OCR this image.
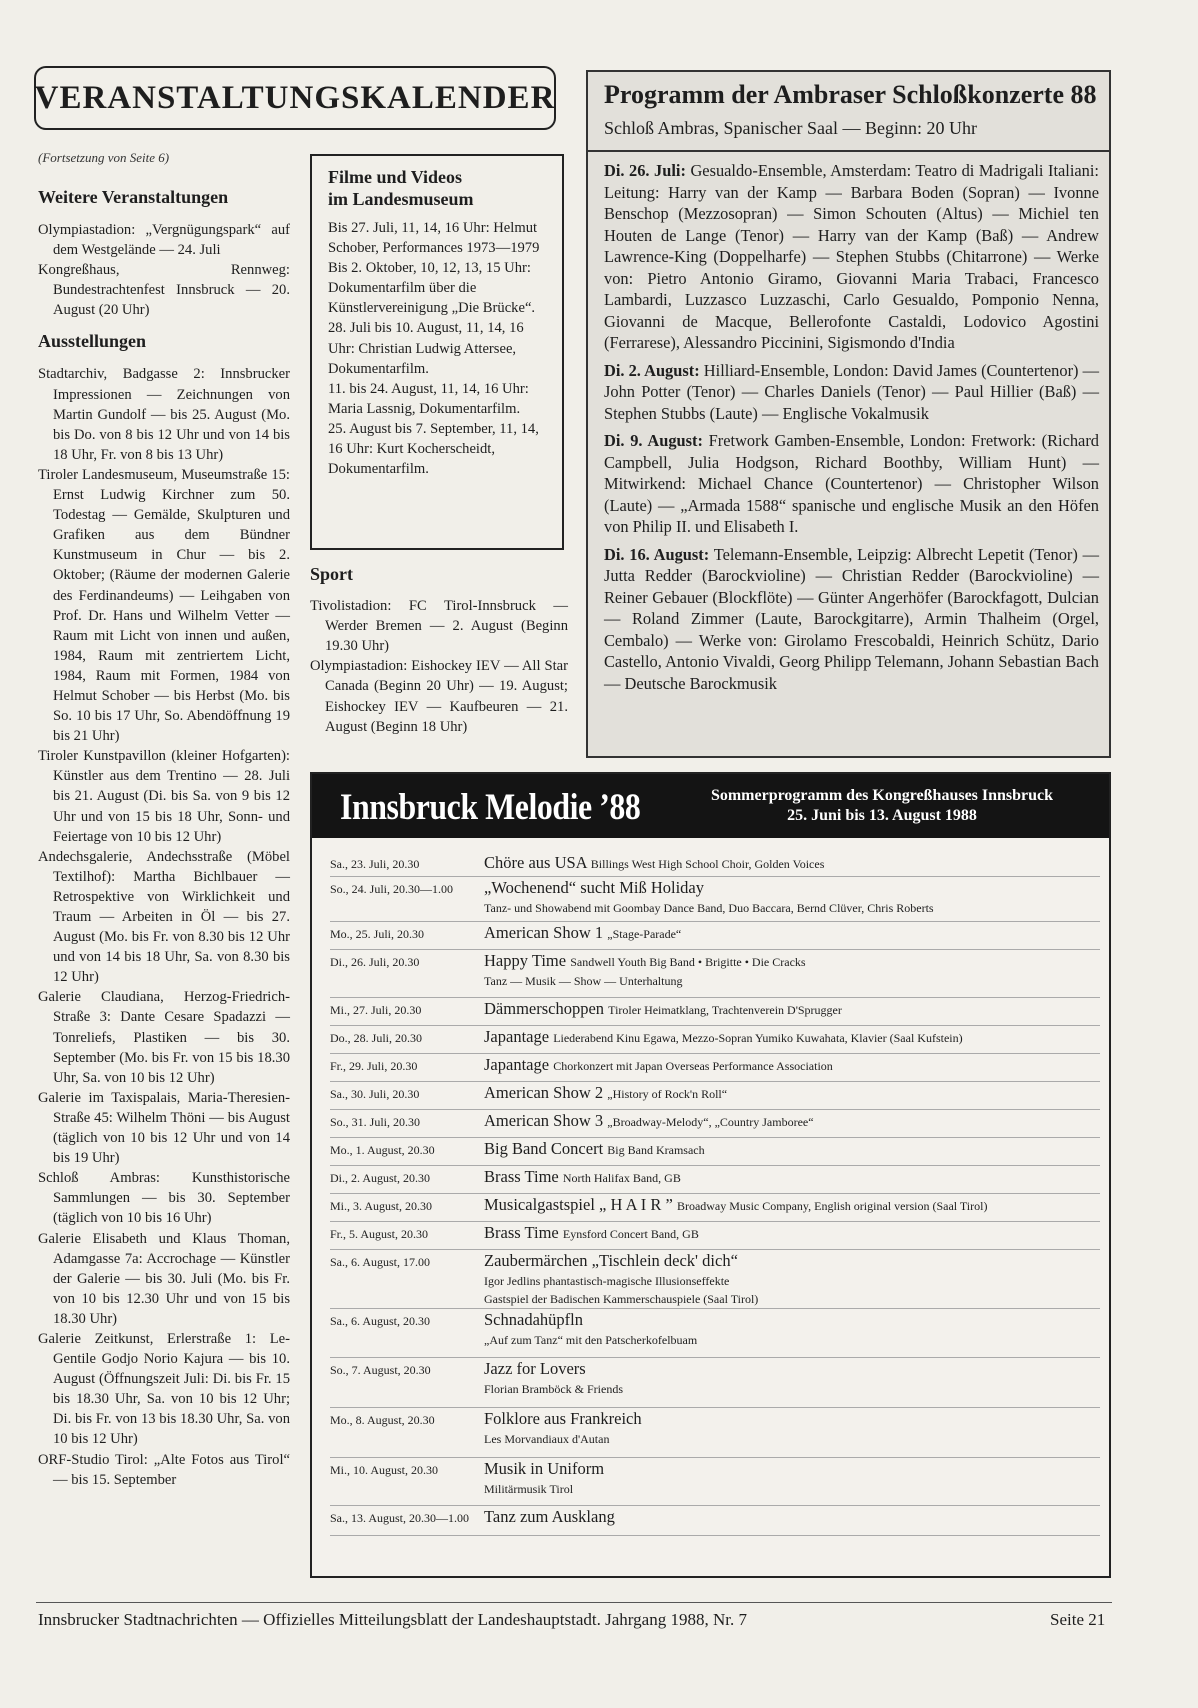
VERANSTALTUNGSKALENDER
(Fortsetzung von Seite 6)
Weitere Veranstaltungen
Olympiastadion: „Vergnügungspark“ auf dem Westgelände — 24. Juli
Kongreßhaus, Rennweg: Bundestrachtenfest Innsbruck — 20. August (20 Uhr)
Ausstellungen
Stadtarchiv, Badgasse 2: Innsbrucker Impressionen — Zeichnungen von Martin Gundolf — bis 25. August (Mo. bis Do. von 8 bis 12 Uhr und von 14 bis 18 Uhr, Fr. von 8 bis 13 Uhr)
Tiroler Landesmuseum, Museumstraße 15: Ernst Ludwig Kirchner zum 50. Todestag — Gemälde, Skulpturen und Grafiken aus dem Bündner Kunstmuseum in Chur — bis 2. Oktober; (Räume der modernen Galerie des Ferdinandeums) — Leihgaben von Prof. Dr. Hans und Wilhelm Vetter — Raum mit Licht von innen und außen, 1984, Raum mit zentriertem Licht, 1984, Raum mit Formen, 1984 von Helmut Schober — bis Herbst (Mo. bis So. 10 bis 17 Uhr, So. Abendöffnung 19 bis 21 Uhr)
Tiroler Kunstpavillon (kleiner Hofgarten): Künstler aus dem Trentino — 28. Juli bis 21. August (Di. bis Sa. von 9 bis 12 Uhr und von 15 bis 18 Uhr, Sonn- und Feiertage von 10 bis 12 Uhr)
Andechsgalerie, Andechsstraße (Möbel Textilhof): Martha Bichlbauer — Retrospektive von Wirklichkeit und Traum — Arbeiten in Öl — bis 27. August (Mo. bis Fr. von 8.30 bis 12 Uhr und von 14 bis 18 Uhr, Sa. von 8.30 bis 12 Uhr)
Galerie Claudiana, Herzog-Friedrich-Straße 3: Dante Cesare Spadazzi — Tonreliefs, Plastiken — bis 30. September (Mo. bis Fr. von 15 bis 18.30 Uhr, Sa. von 10 bis 12 Uhr)
Galerie im Taxispalais, Maria-Theresien-Straße 45: Wilhelm Thöni — bis August (täglich von 10 bis 12 Uhr und von 14 bis 19 Uhr)
Schloß Ambras: Kunsthistorische Sammlungen — bis 30. September (täglich von 10 bis 16 Uhr)
Galerie Elisabeth und Klaus Thoman, Adamgasse 7a: Accrochage — Künstler der Galerie — bis 30. Juli (Mo. bis Fr. von 10 bis 12.30 Uhr und von 15 bis 18.30 Uhr)
Galerie Zeitkunst, Erlerstraße 1: Le-Gentile Godjo Norio Kajura — bis 10. August (Öffnungszeit Juli: Di. bis Fr. 15 bis 18.30 Uhr, Sa. von 10 bis 12 Uhr; Di. bis Fr. von 13 bis 18.30 Uhr, Sa. von 10 bis 12 Uhr)
ORF-Studio Tirol: „Alte Fotos aus Tirol“ — bis 15. September
Filme und Videos
im Landesmuseum
Bis 27. Juli, 11, 14, 16 Uhr: Helmut Schober, Performances 1973—1979
Bis 2. Oktober, 10, 12, 13, 15 Uhr: Dokumentarfilm über die Künstlervereinigung „Die Brücke“.
28. Juli bis 10. August, 11, 14, 16 Uhr: Christian Ludwig Attersee, Dokumentarfilm.
11. bis 24. August, 11, 14, 16 Uhr: Maria Lassnig, Dokumentarfilm.
25. August bis 7. September, 11, 14, 16 Uhr: Kurt Kocherscheidt, Dokumentarfilm.
Sport
Tivolistadion: FC Tirol-Innsbruck — Werder Bremen — 2. August (Beginn 19.30 Uhr)
Olympiastadion: Eishockey IEV — All Star Canada (Beginn 20 Uhr) — 19. August; Eishockey IEV — Kaufbeuren — 21. August (Beginn 18 Uhr)
Programm der Ambraser Schloßkonzerte 88
Schloß Ambras, Spanischer Saal — Beginn: 20 Uhr

Di. 26. Juli: Gesualdo-Ensemble, Amsterdam: Teatro di Madrigali Italiani: Leitung: Harry van der Kamp — Barbara Boden (Sopran) — Ivonne Benschop (Mezzosopran) — Simon Schouten (Altus) — Michiel ten Houten de Lange (Tenor) — Harry van der Kamp (Baß) — Andrew Lawrence-King (Doppelharfe) — Stephen Stubbs (Chitarrone) — Werke von: Pietro Antonio Giramo, Giovanni Maria Trabaci, Francesco Lambardi, Luzzasco Luzzaschi, Carlo Gesualdo, Pomponio Nenna, Giovanni de Macque, Bellerofonte Castaldi, Lodovico Agostini (Ferrarese), Alessandro Piccinini, Sigismondo d'India

Di. 2. August: Hilliard-Ensemble, London: David James (Countertenor) — John Potter (Tenor) — Charles Daniels (Tenor) — Paul Hillier (Baß) — Stephen Stubbs (Laute) — Englische Vokalmusik

Di. 9. August: Fretwork Gamben-Ensemble, London: Fretwork: (Richard Campbell, Julia Hodgson, Richard Boothby, William Hunt) — Mitwirkend: Michael Chance (Countertenor) — Christopher Wilson (Laute) — „Armada 1588“ spanische und englische Musik an den Höfen von Philip II. und Elisabeth I.

Di. 16. August: Telemann-Ensemble, Leipzig: Albrecht Lepetit (Tenor) — Jutta Redder (Barockvioline) — Christian Redder (Barockvioline) — Reiner Gebauer (Blockflöte) — Günter Angerhöfer (Barockfagott, Dulcian — Roland Zimmer (Laute, Barockgitarre), Armin Thalheim (Orgel, Cembalo) — Werke von: Girolamo Frescobaldi, Heinrich Schütz, Dario Castello, Antonio Vivaldi, Georg Philipp Telemann, Johann Sebastian Bach — Deutsche Barockmusik

Innsbruck Melodie ’88	Sommerprogramm des Kongreßhauses Innsbruck
25. Juni bis 13. August 1988
Sa., 23. Juli, 20.30	Chöre aus USA Billings West High School Choir, Golden Voices
So., 24. Juli, 20.30—1.00 „Wochenend“ sucht Miß Holiday
Tanz- und Showabend mit Goombay Dance Band, Duo Baccara, Bernd Clüver, Chris Roberts
Mo., 25. Juli, 20.30	American Show 1 „Stage-Parade“
Di., 26. Juli, 20.30	Happy Time Sandwell Youth Big Band • Brigitte • Die Cracks
Tanz — Musik — Show — Unterhaltung
Mi., 27. Juli, 20.30	Dämmerschoppen Tiroler Heimatklang, Trachtenverein D'Sprugger
Do., 28. Juli, 20.30	Japantage Liederabend Kinu Egawa, Mezzo-Sopran Yumiko Kuwahata, Klavier (Saal Kufstein)
Fr., 29. Juli, 20.30	Japantage Chorkonzert mit Japan Overseas Performance Association
Sa., 30. Juli, 20.30	American Show 2 „History of Rock'n Roll“
So., 31. Juli, 20.30	American Show 3 „Broadway-Melody“, „Country Jamboree“
Mo., 1. August, 20.30	Big Band Concert Big Band Kramsach
Di., 2. August, 20.30	Brass Time North Halifax Band, GB
Mi., 3. August, 20.30	Musicalgastspiel „ H A I R ” Broadway Music Company, English original version (Saal Tirol)
Fr., 5. August, 20.30	Brass Time Eynsford Concert Band, GB
Sa., 6. August, 17.00	Zaubermärchen „Tischlein deck' dich“
Igor Jedlins phantastisch-magische Illusionseffekte
Gastspiel der Badischen Kammerschauspiele (Saal Tirol)
Sa., 6. August, 20.30	Schnadahüpfln
„Auf zum Tanz“ mit den Patscherkofelbuam
So., 7. August, 20.30	Jazz for Lovers
Florian Bramböck & Friends
Mo., 8. August, 20.30	Folklore aus Frankreich
Les Morvandiaux d'Autan
Mi., 10. August, 20.30	Musik in Uniform
Militärmusik Tirol
Sa., 13. August, 20.30—1.00 Tanz zum Ausklang
Innsbrucker Stadtnachrichten — Offizielles Mitteilungsblatt der Landeshauptstadt. Jahrgang 1988, Nr. 7	Seite 21
